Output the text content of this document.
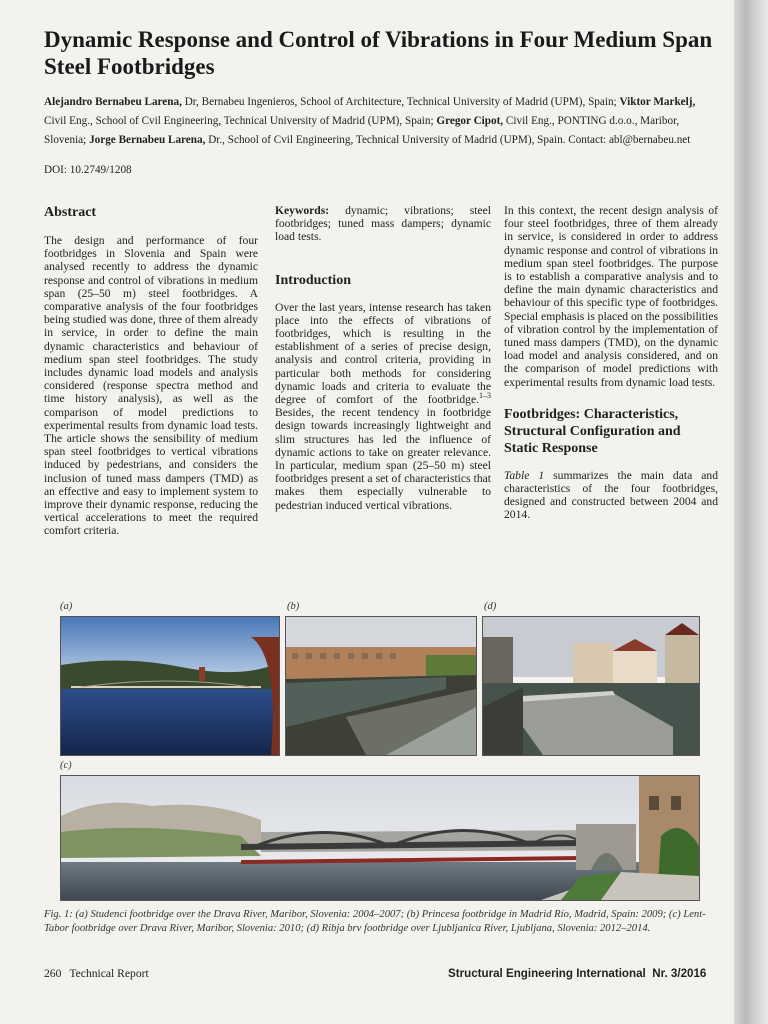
Dynamic Response and Control of Vibrations in Four Medium Span Steel Footbridges
Alejandro Bernabeu Larena, Dr, Bernabeu Ingenieros, School of Architecture, Technical University of Madrid (UPM), Spain; Viktor Markelj, Civil Eng., School of Cvil Engineering, Technical University of Madrid (UPM), Spain; Gregor Cipot, Civil Eng., PONTING d.o.o., Maribor, Slovenia; Jorge Bernabeu Larena, Dr., School of Cvil Engineering, Technical University of Madrid (UPM), Spain. Contact: abl@bernabeu.net
DOI: 10.2749/1208
Abstract

The design and performance of four footbridges in Slovenia and Spain were analysed recently to address the dynamic response and control of vibrations in medium span (25–50 m) steel footbridges. A comparative analysis of the four footbridges being studied was done, three of them already in service, in order to define the main dynamic characteristics and behaviour of medium span steel footbridges. The study includes dynamic load models and analysis considered (response spectra method and time history analysis), as well as the comparison of model predictions to experimental results from dynamic load tests. The article shows the sensibility of medium span steel footbridges to vertical vibrations induced by pedestrians, and considers the inclusion of tuned mass dampers (TMD) as an effective and easy to implement system to improve their dynamic response, reducing the vertical accelerations to meet the required comfort criteria.

Keywords: dynamic; vibrations; steel footbridges; tuned mass dampers; dynamic load tests.

Introduction

Over the last years, intense research has taken place into the effects of vibrations of footbridges, which is resulting in the establishment of a series of precise design, analysis and control criteria, providing in particular both methods for considering dynamic loads and criteria to evaluate the degree of comfort of the footbridge.$^{1-3}$ Besides, the recent tendency in footbridge design towards increasingly lightweight and slim structures has led the influence of dynamic actions to take on greater relevance. In particular, medium span (25–50 m) steel footbridges present a set of characteristics that makes them especially vulnerable to pedestrian induced vertical vibrations.

In this context, the recent design analysis of four steel footbridges, three of them already in service, is considered in order to address dynamic response and control of vibrations in medium span steel footbridges. The purpose is to establish a comparative analysis and to define the main dynamic characteristics and behaviour of this specific type of footbridges. Special emphasis is placed on the possibilities of vibration control by the implementation of tuned mass dampers (TMD), on the dynamic load model and analysis considered, and on the comparison of model predictions with experimental results from dynamic load tests.

Footbridges: Characteristics, Structural Configuration and Static Response

Table 1 summarizes the main data and characteristics of the four footbridges, designed and constructed between 2004 and 2014.

(a)	(b)	(d)
(c)
Fig. 1: (a) Studenci footbridge over the Drava River, Maribor, Slovenia: 2004–2007; (b) Princesa footbridge in Madrid Río, Madrid, Spain: 2009; (c) Lent-Tabor footbridge over Drava River, Maribor, Slovenia: 2010; (d) Ribja brv footbridge over Ljubljanica River, Ljubljana, Slovenia: 2012–2014.
260 Technical Report	Structural Engineering International Nr. 3/2016
